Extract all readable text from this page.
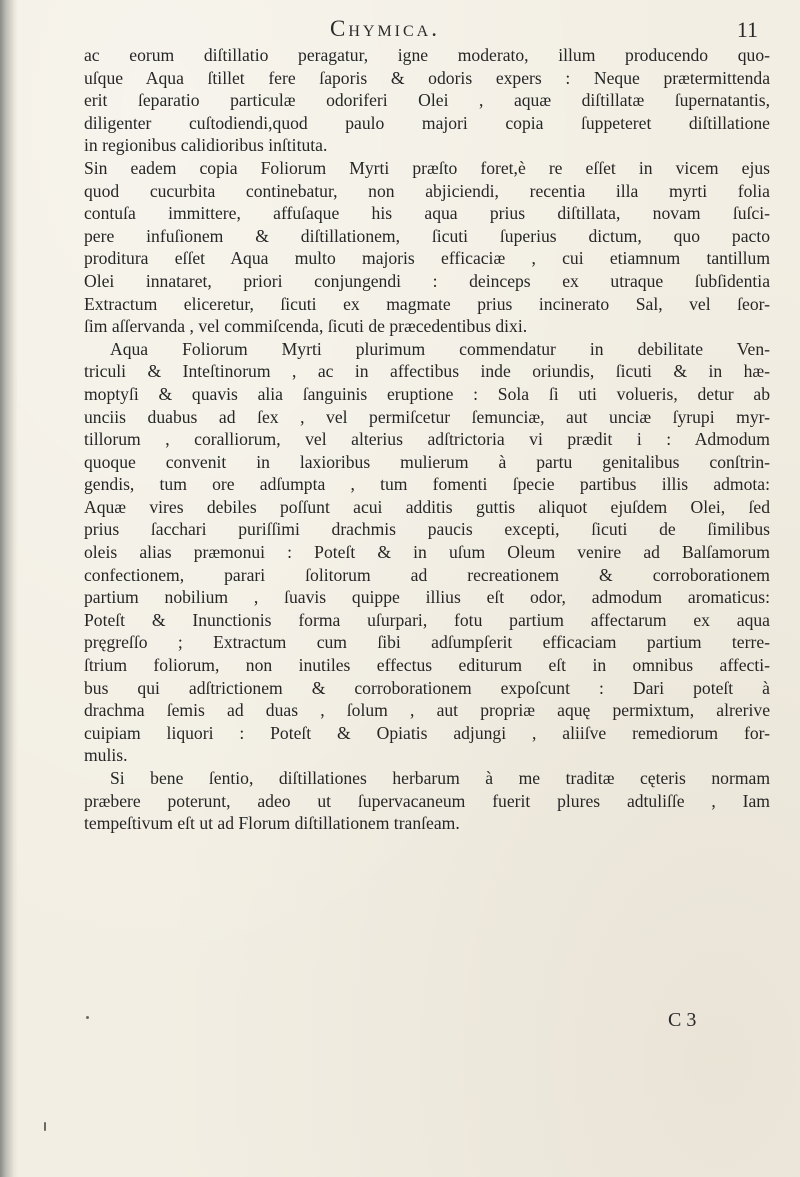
Chymica.	11
ac eorum diſtillatio peragatur, igne moderato, illum producendo quo-
uſque Aqua ſtillet fere ſaporis & odoris expers : Neque prætermittenda
erit ſeparatio particulæ odoriferi Olei , aquæ diſtillatæ ſupernatantis,
diligenter cuſtodiendi,quod paulo majori copia ſuppeteret diſtillatione
in regionibus calidioribus inſtituta.
Sin eadem copia Foliorum Myrti præſto foret,è re eſſet in vicem ejus
quod cucurbita continebatur, non abjiciendi, recentia illa myrti folia
contuſa immittere, affuſaque his aqua prius diſtillata, novam ſuſci-
pere infuſionem & diſtillationem, ſicuti ſuperius dictum, quo pacto
proditura eſſet Aqua multo majoris efficaciæ , cui etiamnum tantillum
Olei innataret, priori conjungendi : deinceps ex utraque ſubſidentia
Extractum eliceretur, ſicuti ex magmate prius incinerato Sal, vel ſeor-
ſim aſſervanda , vel commiſcenda, ſicuti de præcedentibus dixi.
Aqua Foliorum Myrti plurimum commendatur in debilitate Ven-
triculi & Inteſtinorum , ac in affectibus inde oriundis, ſicuti & in hæ-
moptyſi & quavis alia ſanguinis eruptione : Sola ſi uti volueris, detur ab
unciis duabus ad ſex , vel permiſcetur ſemunciæ, aut unciæ ſyrupi myr-
tillorum , coralliorum, vel alterius adſtrictoria vi prædit i : Admodum
quoque convenit in laxioribus mulierum à partu genitalibus conſtrin-
gendis, tum ore adſumpta , tum fomenti ſpecie partibus illis admota:
Aquæ vires debiles poſſunt acui additis guttis aliquot ejuſdem Olei, ſed
prius ſacchari puriſſimi drachmis paucis excepti, ſicuti de ſimilibus
oleis alias præmonui : Poteſt & in uſum Oleum venire ad Balſamorum
confectionem, parari ſolitorum ad recreationem & corroborationem
partium nobilium , ſuavis quippe illius eſt odor, admodum aromaticus:
Poteſt & Inunctionis forma uſurpari, fotu partium affectarum ex aqua
pręgreſſo ; Extractum cum ſibi adſumpſerit efficaciam partium terre-
ſtrium foliorum, non inutiles effectus editurum eſt in omnibus affecti-
bus qui adſtrictionem & corroborationem expoſcunt : Dari poteſt à
drachma ſemis ad duas , ſolum , aut propriæ aquę permixtum, alrerive
cuipiam liquori : Poteſt & Opiatis adjungi , aliiſve remediorum for-
mulis.
Si bene ſentio, diſtillationes herbarum à me traditæ cęteris normam
præbere poterunt, adeo ut ſupervacaneum fuerit plures adtuliſſe , Iam
tempeſtivum eſt ut ad Florum diſtillationem tranſeam.
C 3
